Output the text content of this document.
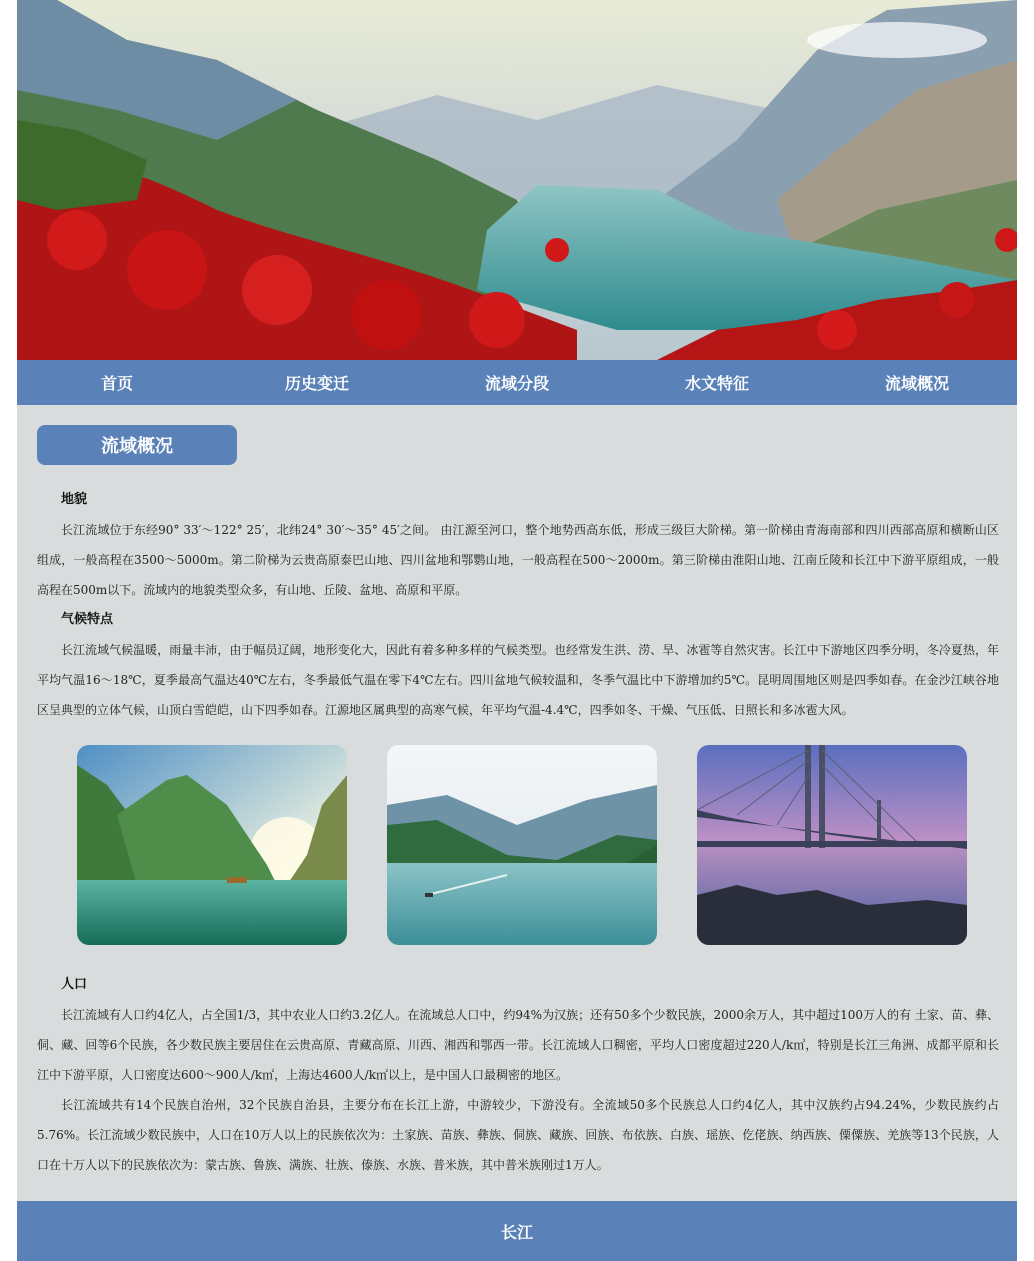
首页	历史变迁	流域分段	水文特征	流域概况
流域概况
地貌

长江流域位于东经90° 33′～122° 25′，北纬24° 30′～35° 45′之间。 由江源至河口，整个地势西高东低，形成三级巨大阶梯。第一阶梯由青海南部和四川西部高原和横断山区组成，一般高程在3500～5000m。第二阶梯为云贵高原泰巴山地、四川盆地和鄂鹦山地，一般高程在500～2000m。第三阶梯由淮阳山地、江南丘陵和长江中下游平原组成，一般高程在500m以下。流域内的地貌类型众多，有山地、丘陵、盆地、高原和平原。

气候特点

长江流域气候温暖，雨量丰沛，由于幅员辽阔，地形变化大，因此有着多种多样的气候类型。也经常发生洪、涝、旱、冰雹等自然灾害。长江中下游地区四季分明，冬冷夏热，年平均气温16～18℃，夏季最高气温达40℃左右，冬季最低气温在零下4℃左右。四川盆地气候较温和，冬季气温比中下游增加约5℃。昆明周围地区则是四季如春。在金沙江峡谷地区呈典型的立体气候，山顶白雪皑皑，山下四季如春。江源地区属典型的高寒气候，年平均气温-4.4℃，四季如冬、干燥、气压低、日照长和多冰雹大风。

人口

长江流域有人口约4亿人，占全国1/3，其中农业人口约3.2亿人。在流域总人口中，约94%为汉族；还有50多个少数民族，2000余万人，其中超过100万人的有 土家、苗、彝、侗、藏、回等6个民族，各少数民族主要居住在云贵高原、青藏高原、川西、湘西和鄂西一带。长江流域人口稠密，平均人口密度超过220人/k㎡，特别是长江三角洲、成都平原和长江中下游平原，人口密度达600～900人/k㎡，上海达4600人/k㎡以上，是中国人口最稠密的地区。

长江流域共有14个民族自治州，32个民族自治县，主要分布在长江上游，中游较少，下游没有。全流域50多个民族总人口约4亿人，其中汉族约占94.24%，少数民族约占5.76%。长江流域少数民族中，人口在10万人以上的民族依次为：土家族、苗族、彝族、侗族、藏族、回族、布依族、白族、瑶族、仡佬族、纳西族、傈僳族、羌族等13个民族，人口在十万人以下的民族依次为：蒙古族、鲁族、满族、壮族、傣族、水族、普米族，其中普米族刚过1万人。

长江
